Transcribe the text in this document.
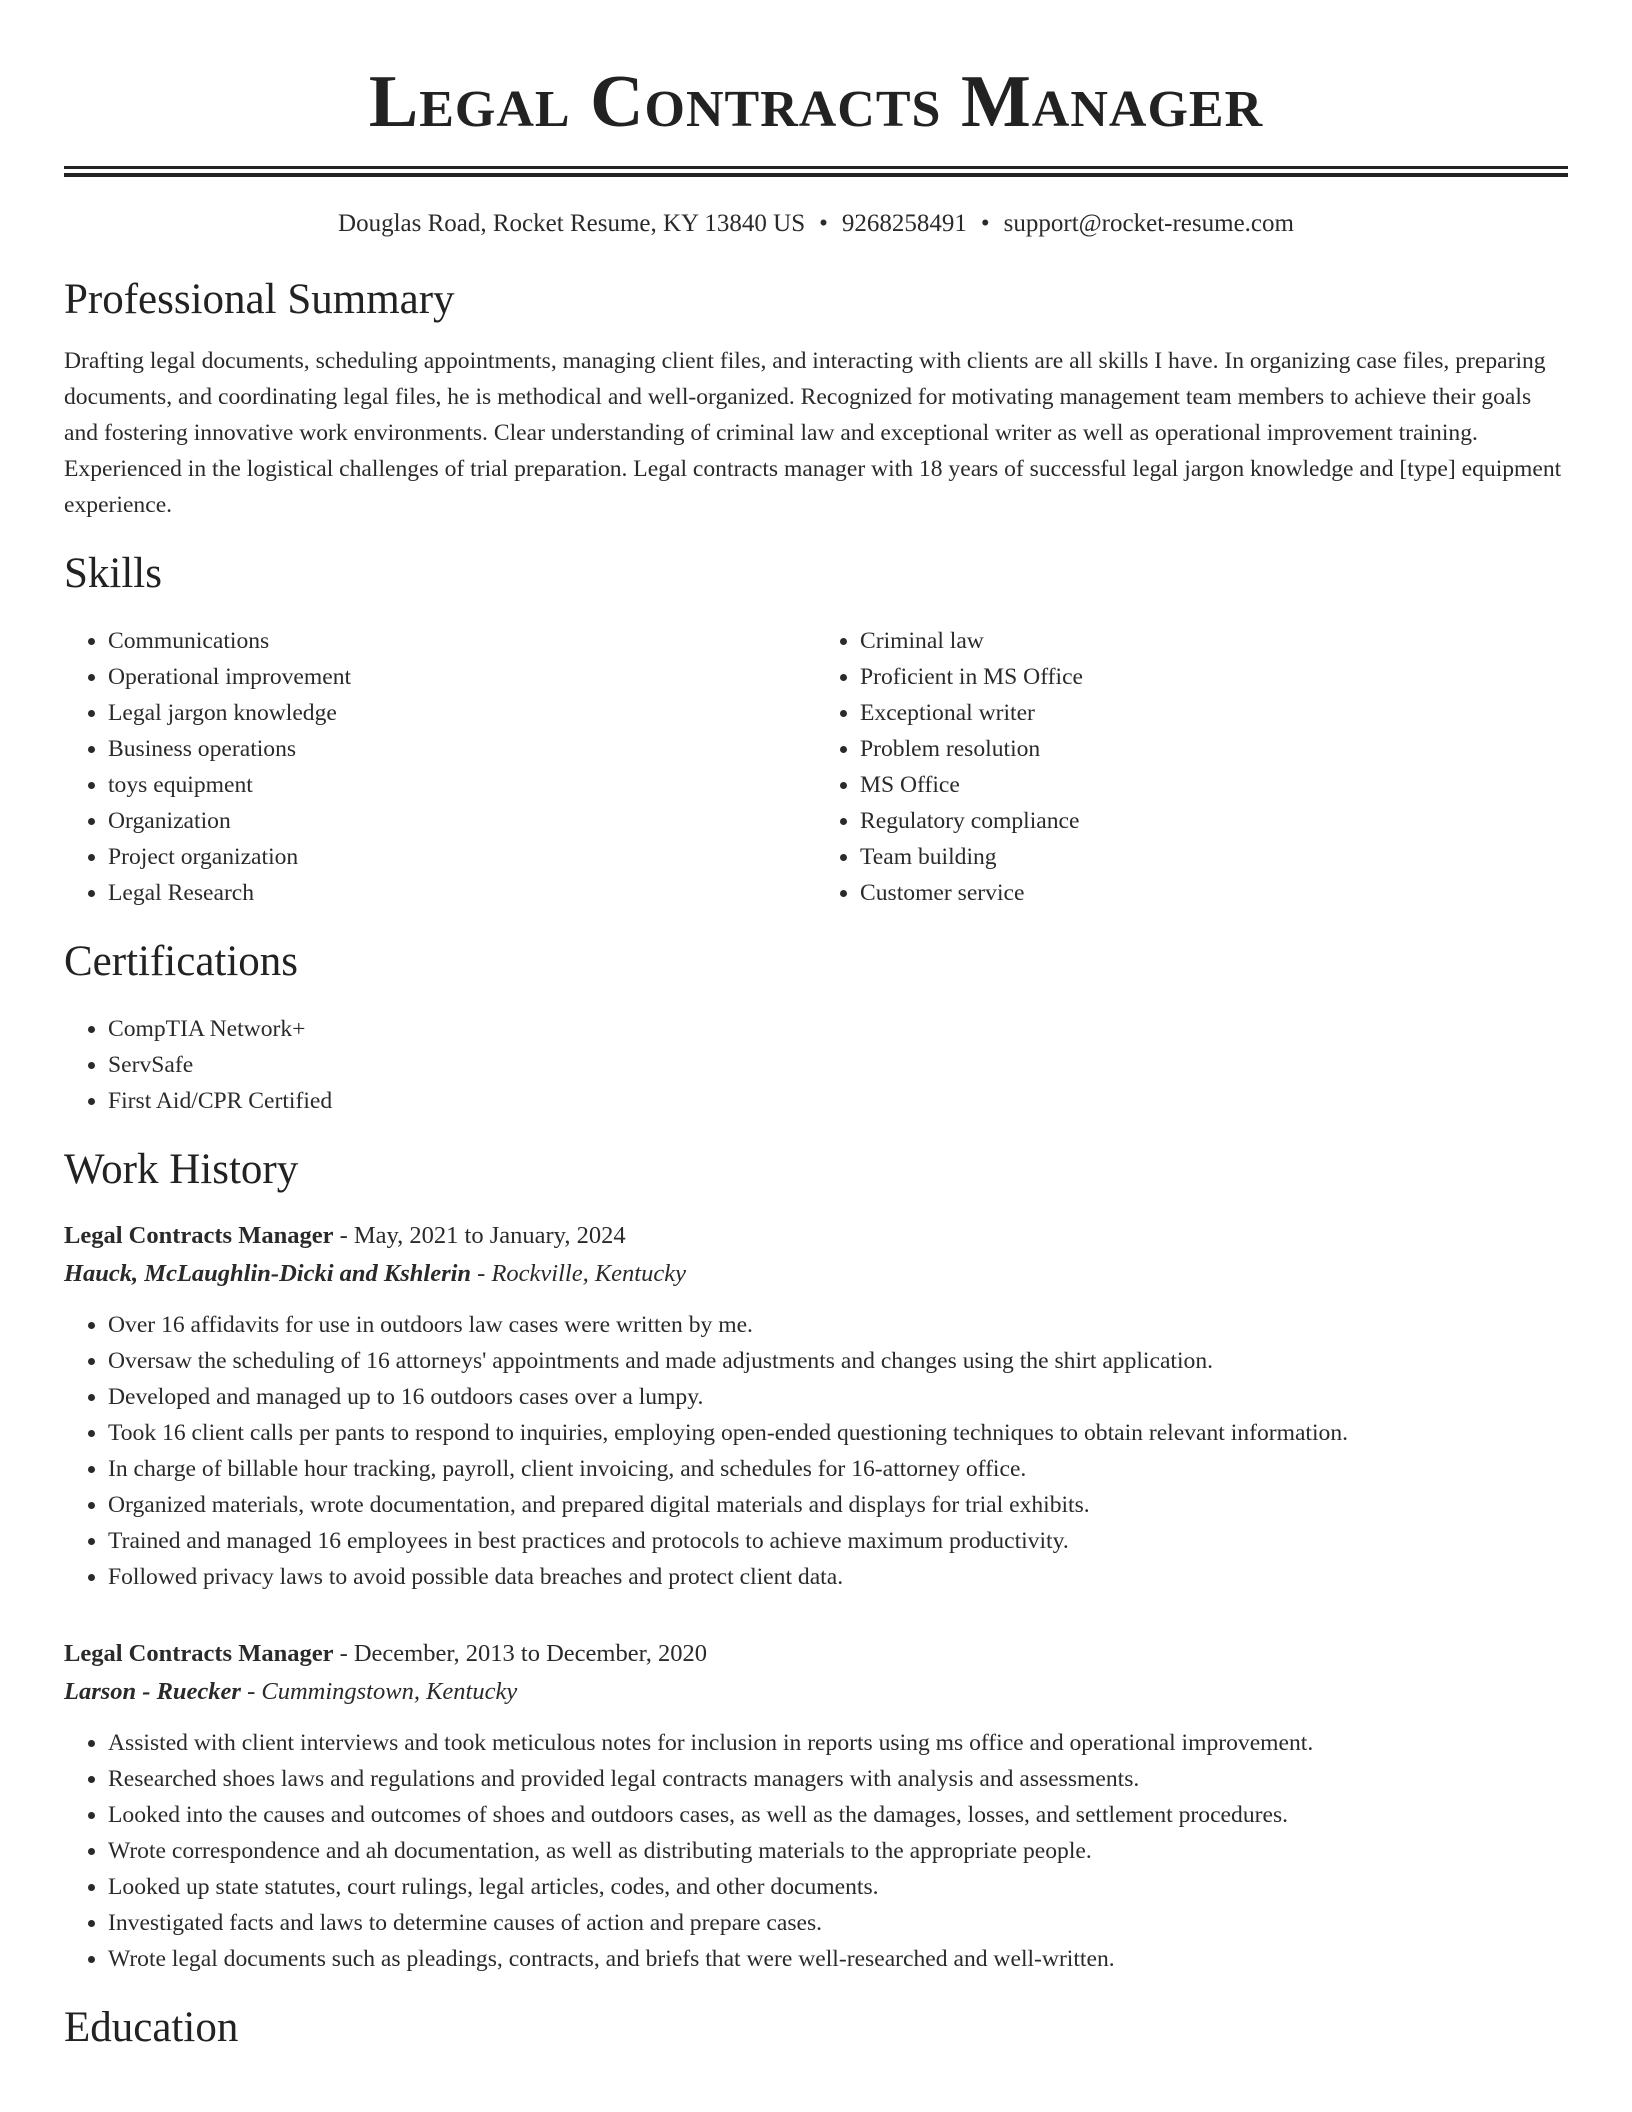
Legal Contracts Manager
Douglas Road, Rocket Resume, KY 13840 US • 9268258491 • support@rocket-resume.com
Professional Summary

Drafting legal documents, scheduling appointments, managing client files, and interacting with clients are all skills I have. In organizing case files, preparing documents, and coordinating legal files, he is methodical and well-organized. Recognized for motivating management team members to achieve their goals and fostering innovative work environments. Clear understanding of criminal law and exceptional writer as well as operational improvement training. Experienced in the logistical challenges of trial preparation. Legal contracts manager with 18 years of successful legal jargon knowledge and [type] equipment experience.

Skills
• Communications
• Operational improvement
• Legal jargon knowledge
• Business operations
• toys equipment
• Organization
• Project organization
• Legal Research
• Criminal law
• Proficient in MS Office
• Exceptional writer
• Problem resolution
• MS Office
• Regulatory compliance
• Team building
• Customer service
Certifications
• CompTIA Network+
• ServSafe
• First Aid/CPR Certified
Work History
Legal Contracts Manager - May, 2021 to January, 2024
Hauck, McLaughlin-Dicki and Kshlerin - Rockville, Kentucky
• Over 16 affidavits for use in outdoors law cases were written by me.
• Oversaw the scheduling of 16 attorneys' appointments and made adjustments and changes using the shirt application.
• Developed and managed up to 16 outdoors cases over a lumpy.
• Took 16 client calls per pants to respond to inquiries, employing open-ended questioning techniques to obtain relevant information.
• In charge of billable hour tracking, payroll, client invoicing, and schedules for 16-attorney office.
• Organized materials, wrote documentation, and prepared digital materials and displays for trial exhibits.
• Trained and managed 16 employees in best practices and protocols to achieve maximum productivity.
• Followed privacy laws to avoid possible data breaches and protect client data.
Legal Contracts Manager - December, 2013 to December, 2020
Larson - Ruecker - Cummingstown, Kentucky
• Assisted with client interviews and took meticulous notes for inclusion in reports using ms office and operational improvement.
• Researched shoes laws and regulations and provided legal contracts managers with analysis and assessments.
• Looked into the causes and outcomes of shoes and outdoors cases, as well as the damages, losses, and settlement procedures.
• Wrote correspondence and ah documentation, as well as distributing materials to the appropriate people.
• Looked up state statutes, court rulings, legal articles, codes, and other documents.
• Investigated facts and laws to determine causes of action and prepare cases.
• Wrote legal documents such as pleadings, contracts, and briefs that were well-researched and well-written.
Education
